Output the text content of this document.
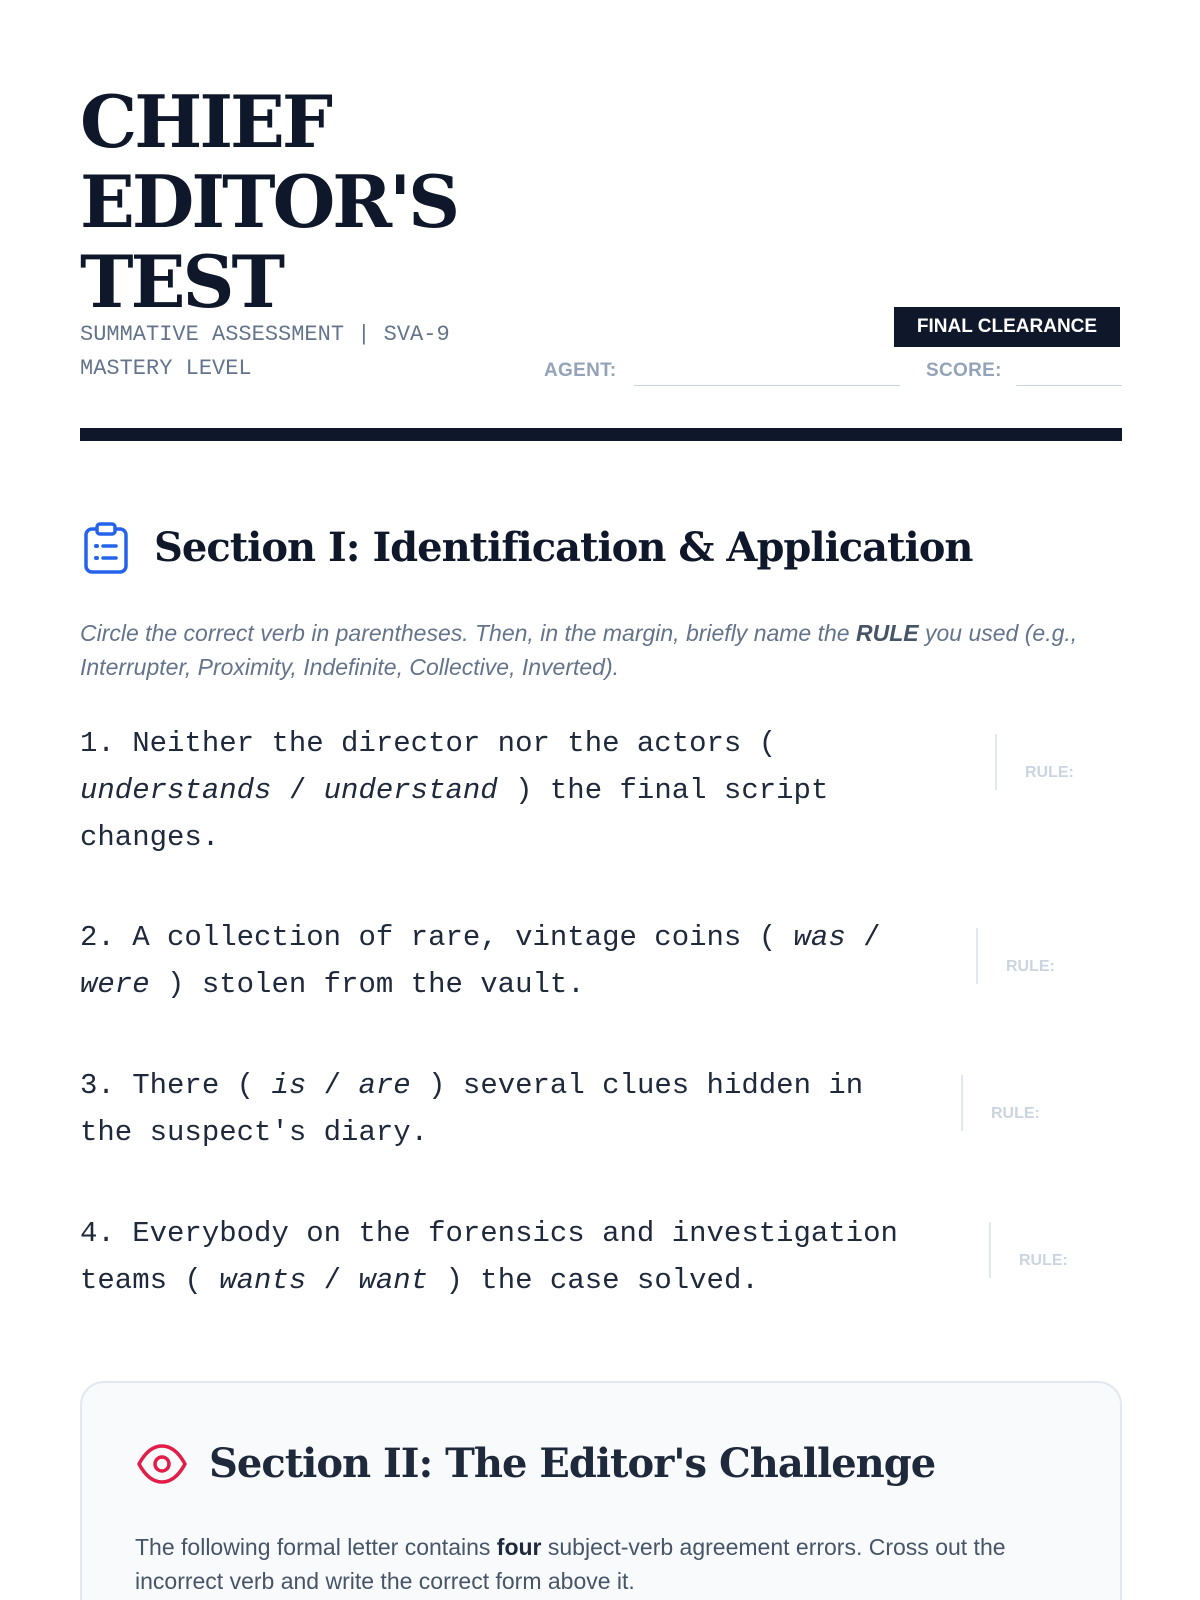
CHIEF
EDITOR'S
TEST
SUMMATIVE ASSESSMENT | SVA-9
MASTERY LEVEL
FINAL CLEARANCE
AGENT:	SCORE:
Section I: Identification & Application

Circle the correct verb in parentheses. Then, in the margin, briefly name the RULE you used (e.g., Interrupter, Proximity, Indefinite, Collective, Inverted).

1. Neither the director nor the actors ( understands / understand ) the final script changes.

RULE:

2. A collection of rare, vintage coins ( was / were ) stolen from the vault.

RULE:

3. There ( is / are ) several clues hidden in the suspect's diary.

RULE:

4. Everybody on the forensics and investigation teams ( wants / want ) the case solved.

RULE:
Section II: The Editor's Challenge

The following formal letter contains four subject-verb agreement errors. Cross out the incorrect verb and write the correct form above it.
